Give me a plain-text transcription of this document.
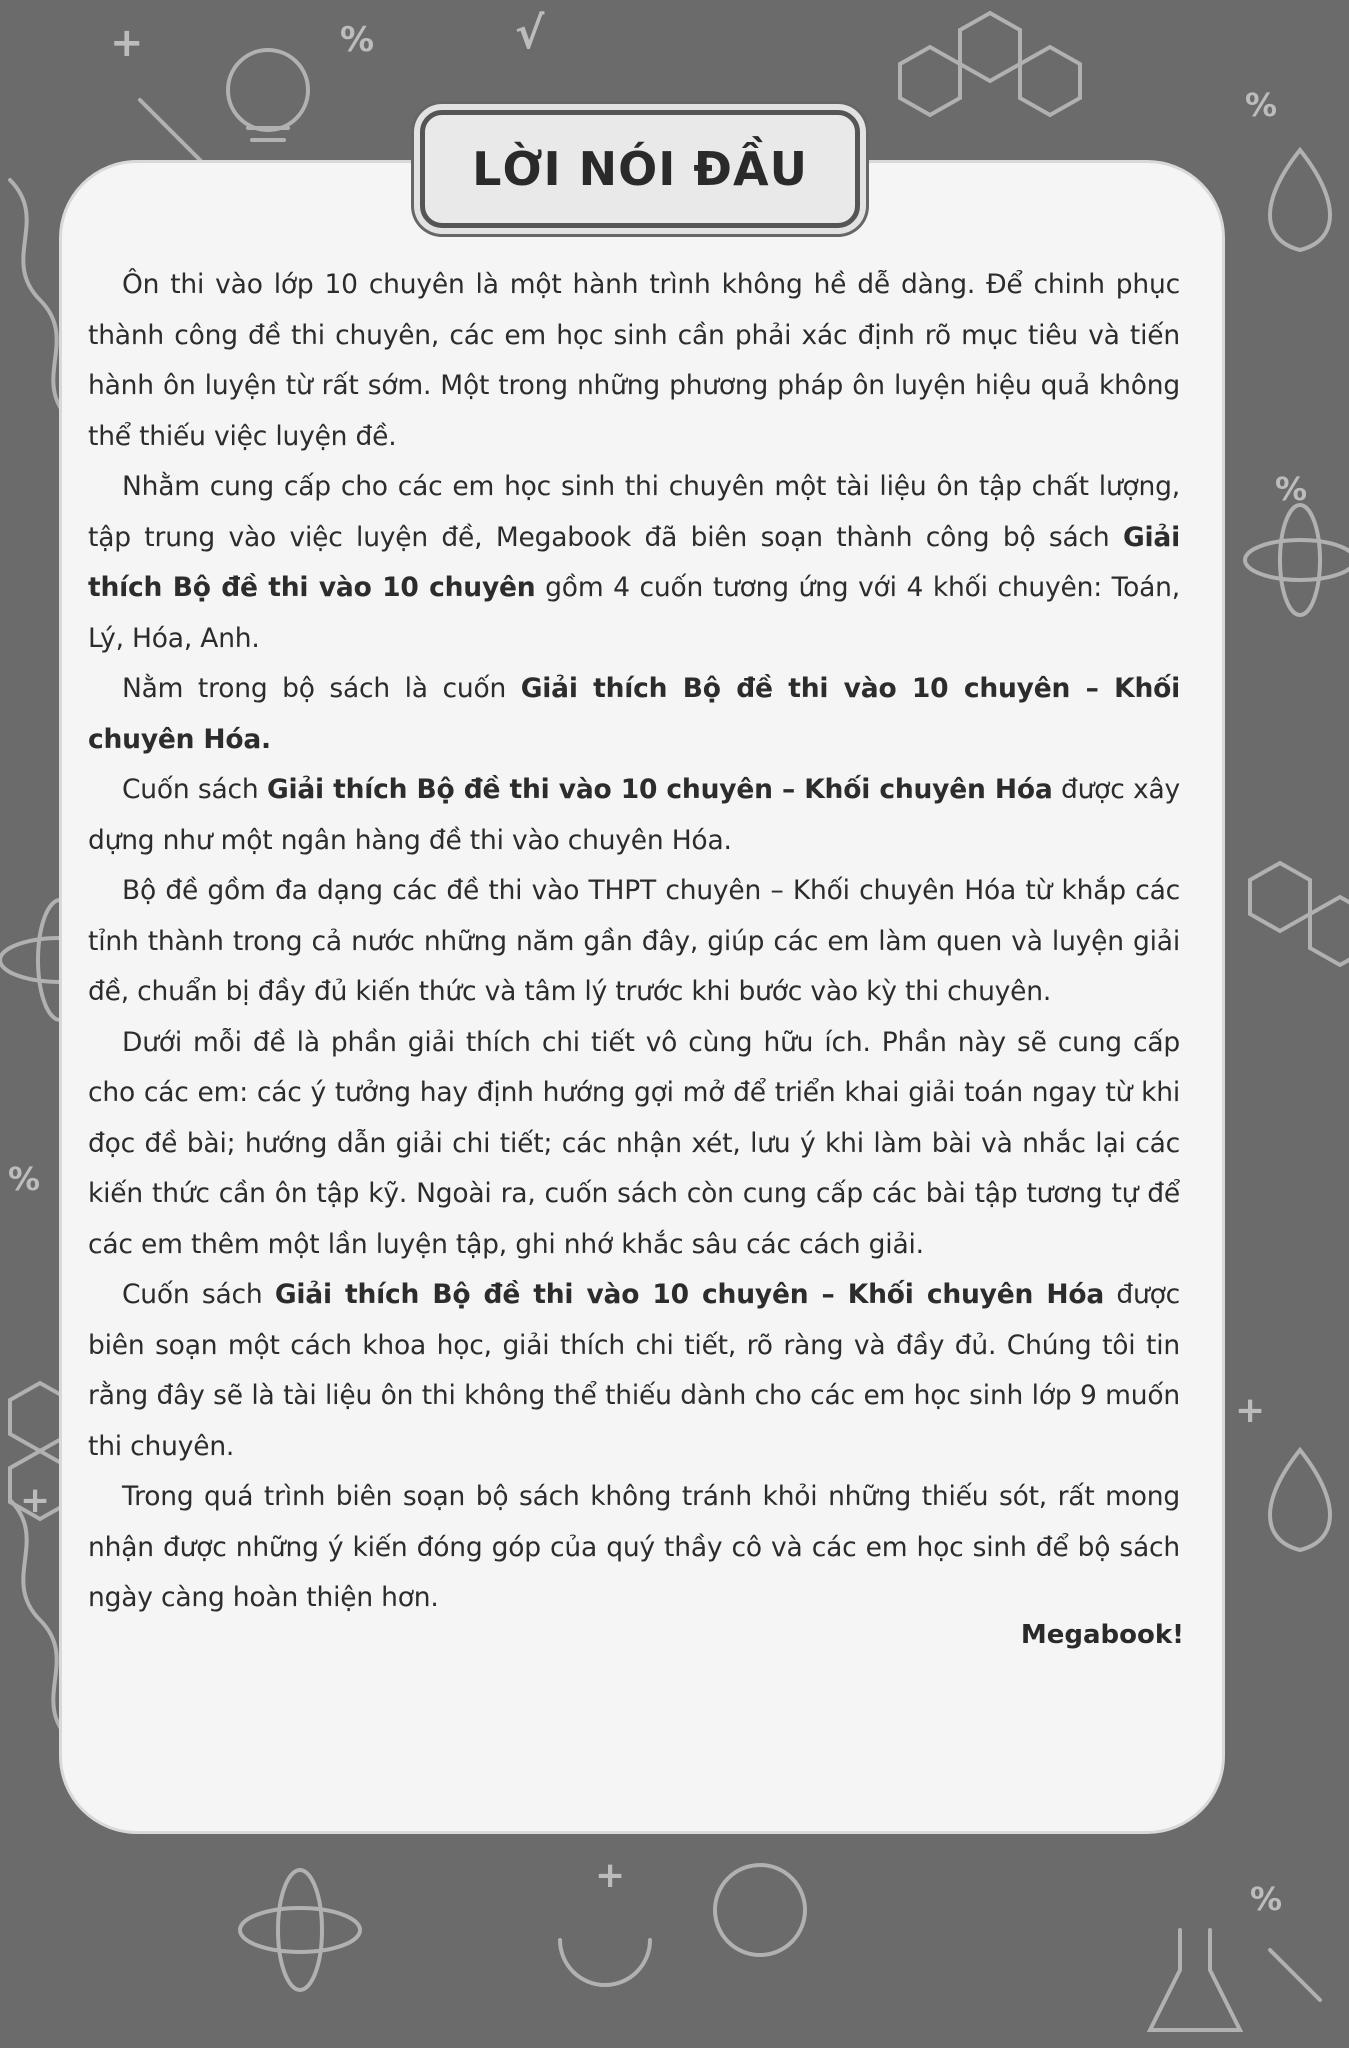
+	%	√
%
%
%
+
+
%
+
LỜI NÓI ĐẦU

Ôn thi vào lớp 10 chuyên là một hành trình không hề dễ dàng. Để chinh phục thành công đề thi chuyên, các em học sinh cần phải xác định rõ mục tiêu và tiến hành ôn luyện từ rất sớm. Một trong những phương pháp ôn luyện hiệu quả không thể thiếu việc luyện đề.

Nhằm cung cấp cho các em học sinh thi chuyên một tài liệu ôn tập chất lượng, tập trung vào việc luyện đề, Megabook đã biên soạn thành công bộ sách Giải thích Bộ đề thi vào 10 chuyên gồm 4 cuốn tương ứng với 4 khối chuyên: Toán, Lý, Hóa, Anh.

Nằm trong bộ sách là cuốn Giải thích Bộ đề thi vào 10 chuyên – Khối chuyên Hóa.

Cuốn sách Giải thích Bộ đề thi vào 10 chuyên – Khối chuyên Hóa được xây dựng như một ngân hàng đề thi vào chuyên Hóa.

Bộ đề gồm đa dạng các đề thi vào THPT chuyên – Khối chuyên Hóa từ khắp các tỉnh thành trong cả nước những năm gần đây, giúp các em làm quen và luyện giải đề, chuẩn bị đầy đủ kiến thức và tâm lý trước khi bước vào kỳ thi chuyên.

Dưới mỗi đề là phần giải thích chi tiết vô cùng hữu ích. Phần này sẽ cung cấp cho các em: các ý tưởng hay định hướng gợi mở để triển khai giải toán ngay từ khi đọc đề bài; hướng dẫn giải chi tiết; các nhận xét, lưu ý khi làm bài và nhắc lại các kiến thức cần ôn tập kỹ. Ngoài ra, cuốn sách còn cung cấp các bài tập tương tự để các em thêm một lần luyện tập, ghi nhớ khắc sâu các cách giải.

Cuốn sách Giải thích Bộ đề thi vào 10 chuyên – Khối chuyên Hóa được biên soạn một cách khoa học, giải thích chi tiết, rõ ràng và đầy đủ. Chúng tôi tin rằng đây sẽ là tài liệu ôn thi không thể thiếu dành cho các em học sinh lớp 9 muốn thi chuyên.

Trong quá trình biên soạn bộ sách không tránh khỏi những thiếu sót, rất mong nhận được những ý kiến đóng góp của quý thầy cô và các em học sinh để bộ sách ngày càng hoàn thiện hơn.

Megabook!
